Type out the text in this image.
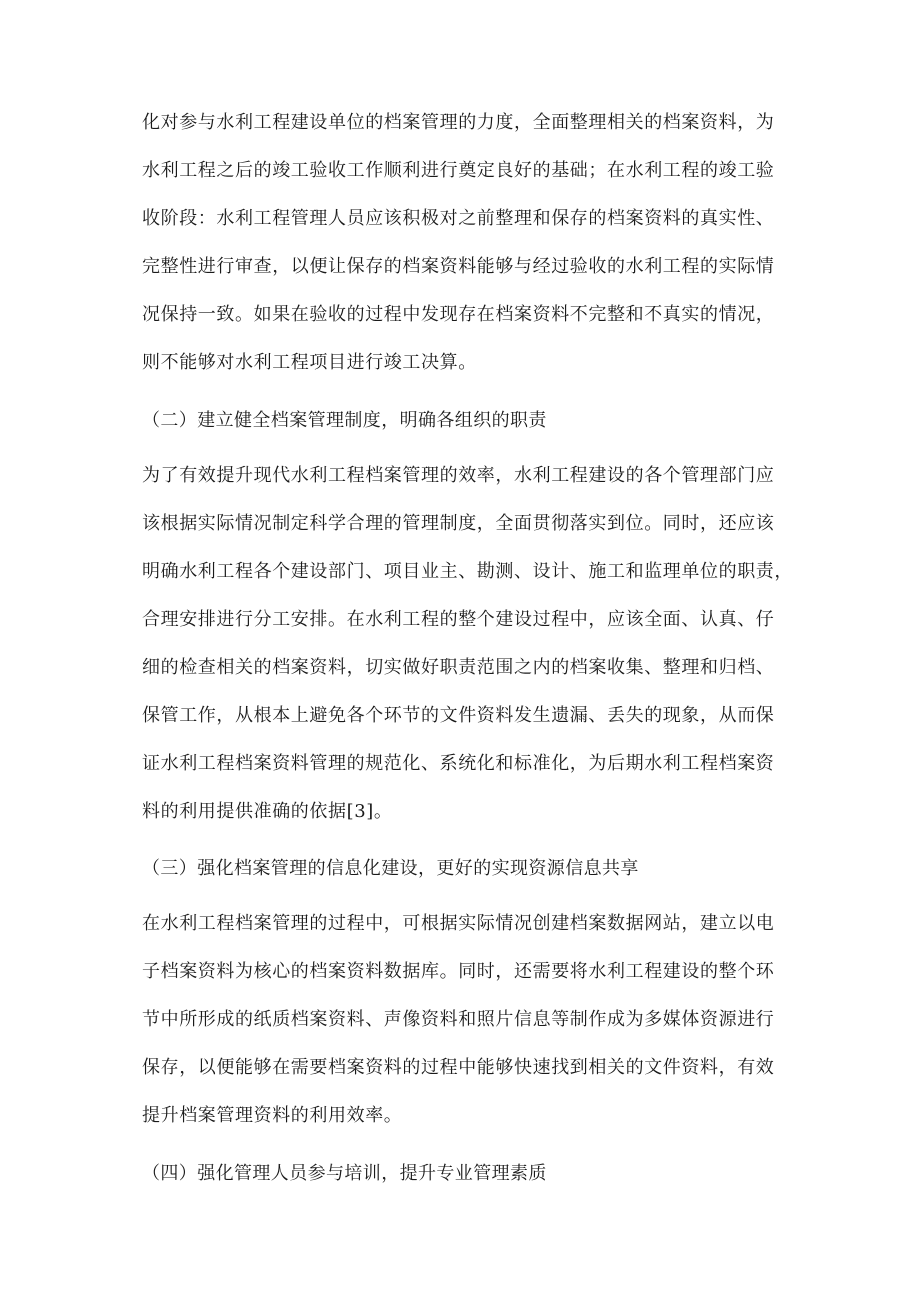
化对参与水利工程建设单位的档案管理的力度，全面整理相关的档案资料，为
水利工程之后的竣工验收工作顺利进行奠定良好的基础；在水利工程的竣工验
收阶段：水利工程管理人员应该积极对之前整理和保存的档案资料的真实性、
完整性进行审查，以便让保存的档案资料能够与经过验收的水利工程的实际情
况保持一致。如果在验收的过程中发现存在档案资料不完整和不真实的情况，
则不能够对水利工程项目进行竣工决算。
（二）建立健全档案管理制度，明确各组织的职责
为了有效提升现代水利工程档案管理的效率，水利工程建设的各个管理部门应
该根据实际情况制定科学合理的管理制度，全面贯彻落实到位。同时，还应该
明确水利工程各个建设部门、项目业主、勘测、设计、施工和监理单位的职责，
合理安排进行分工安排。在水利工程的整个建设过程中，应该全面、认真、仔
细的检查相关的档案资料，切实做好职责范围之内的档案收集、整理和归档、
保管工作，从根本上避免各个环节的文件资料发生遗漏、丢失的现象，从而保
证水利工程档案资料管理的规范化、系统化和标准化，为后期水利工程档案资
料的利用提供准确的依据[3]。
（三）强化档案管理的信息化建设，更好的实现资源信息共享
在水利工程档案管理的过程中，可根据实际情况创建档案数据网站，建立以电
子档案资料为核心的档案资料数据库。同时，还需要将水利工程建设的整个环
节中所形成的纸质档案资料、声像资料和照片信息等制作成为多媒体资源进行
保存，以便能够在需要档案资料的过程中能够快速找到相关的文件资料，有效
提升档案管理资料的利用效率。
（四）强化管理人员参与培训，提升专业管理素质
